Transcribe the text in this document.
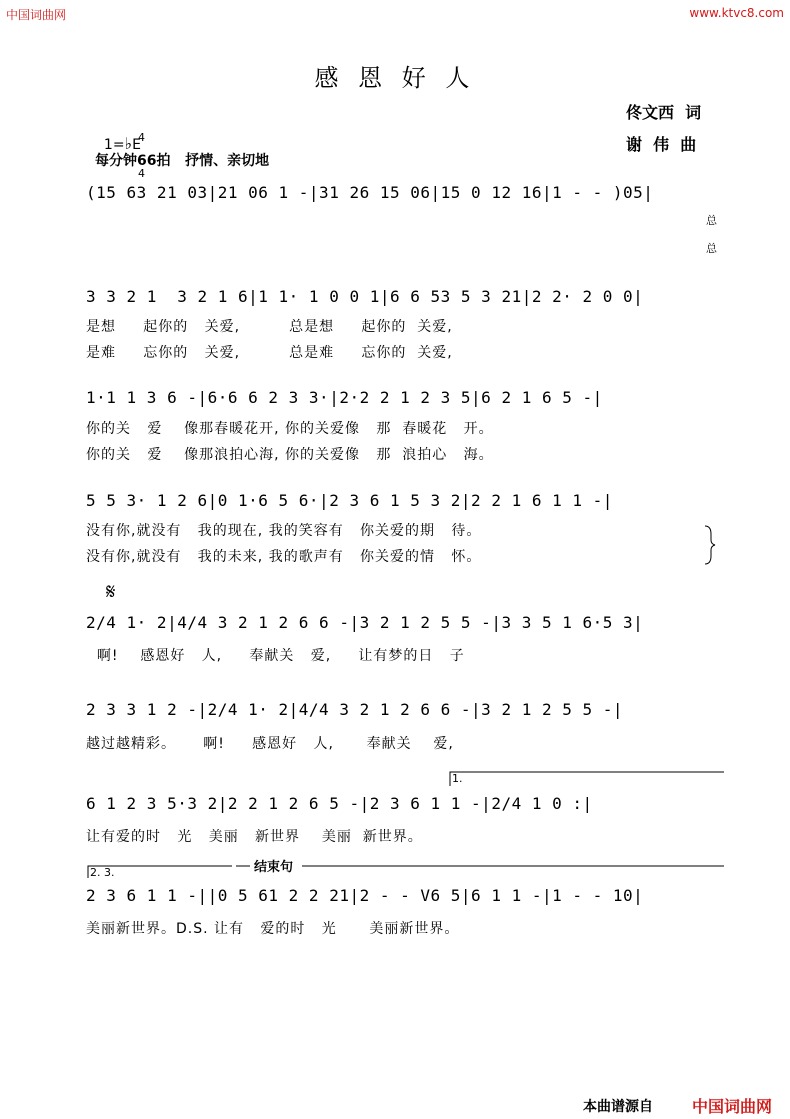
中国词曲网	www.ktvc8.com
感 恩 好 人
佟文西  词
谢  伟  曲

1=♭E

4

4

每分钟66拍   抒情、亲切地
(15 63 21 03|21 06 1 -|31 26 15 06|15 0 12 16|1 - - )05|
总
总
3 3 2 1  3 2 1 6|1 1· 1 0 0 1|6 6 53 5 3 21|2 2· 2 0 0|
是想     起你的   关爱,         总是想     起你的  关爱,
是难     忘你的   关爱,         总是难     忘你的  关爱,
1·1 1 3 6 -|6·6 6 2 3 3·|2·2 2 1 2 3 5|6 2 1 6 5 -|
你的关   爱    像那春暖花开, 你的关爱像   那  春暖花   开。
你的关   爱    像那浪拍心海, 你的关爱像   那  浪拍心   海。
5 5 3· 1 2 6|0 1·6 5 6·|2 3 6 1 5 3 2|2 2 1 6 1 1 -|
没有你,就没有   我的现在, 我的笑容有   你关爱的期   待。
没有你,就没有   我的未来, 我的歌声有   你关爱的情   怀。
𝄋
2/4 1· 2|4/4 3 2 1 2 6 6 -|3 2 1 2 5 5 -|3 3 5 1 6·5 3|
啊!    感恩好   人,     奉献关   爱,     让有梦的日   子
2 3 3 1 2 -|2/4 1· 2|4/4 3 2 1 2 6 6 -|3 2 1 2 5 5 -|
越过越精彩。     啊!     感恩好   人,      奉献关    爱,
1.
6 1 2 3 5·3 2|2 2 1 2 6 5 -|2 3 6 1 1 -|2/4 1 0 :|
让有爱的时   光   美丽   新世界    美丽  新世界。
2. 3.	结束句
2 3 6 1 1 -||0 5 61 2 2 21|2 - - V6 5|6 1 1 -|1 - - 10|
美丽新世界。D.S. 让有   爱的时   光      美丽新世界。
本曲谱源自 中国词曲网
